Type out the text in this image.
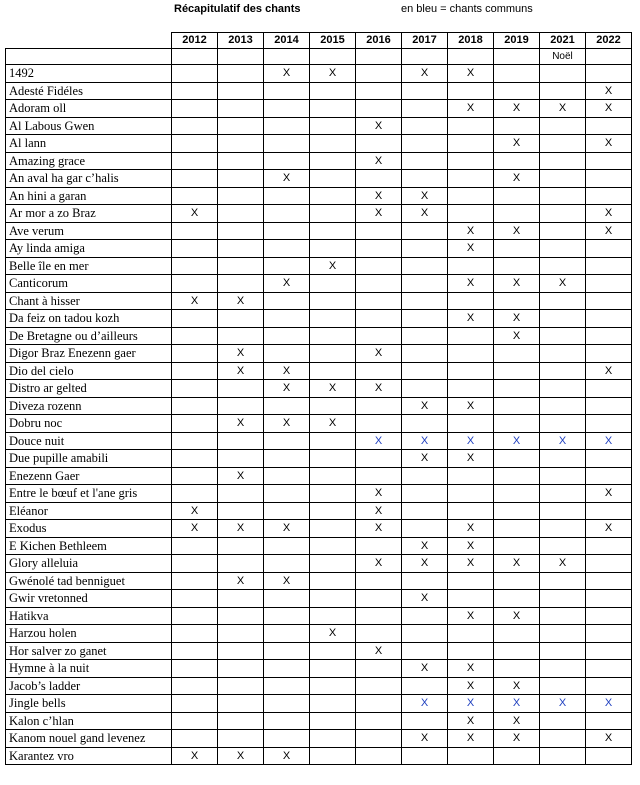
Récapitulatif des chants	en bleu = chants communs
	2012	2013	2014	2015	2016	2017	2018	2019	2021	2022
									Noël	
1492			X	X		X	X			
Adesté Fidéles										X
Adoram oll							X	X	X	X
Al Labous Gwen					X					
Al lann								X		X
Amazing grace					X					
An aval ha gar c’halis			X					X		
An hini a garan					X	X				
Ar mor a zo Braz	X				X	X				X
Ave verum							X	X		X
Ay linda amiga							X			
Belle île en mer				X						
Canticorum			X				X	X	X	
Chant à hisser	X	X								
Da feiz on tadou kozh							X	X		
De Bretagne ou d’ailleurs								X		
Digor Braz Enezenn gaer		X			X					
Dio del cielo		X	X							X
Distro ar gelted			X	X	X					
Diveza rozenn						X	X			
Dobru noc		X	X	X						
Douce nuit					X	X	X	X	X	X
Due pupille amabili						X	X			
Enezenn Gaer		X								
Entre le bœuf et l'ane gris					X					X
Eléanor	X				X					
Exodus	X	X	X		X		X			X
E Kichen Bethleem						X	X			
Glory alleluia					X	X	X	X	X	
Gwénolé tad benniguet		X	X							
Gwir vretonned						X				
Hatikva							X	X		
Harzou holen				X						
Hor salver zo ganet					X					
Hymne à la nuit						X	X			
Jacob’s ladder							X	X		
Jingle bells						X	X	X	X	X
Kalon c’hlan							X	X		
Kanom nouel gand levenez						X	X	X		X
Karantez vro	X	X	X							
